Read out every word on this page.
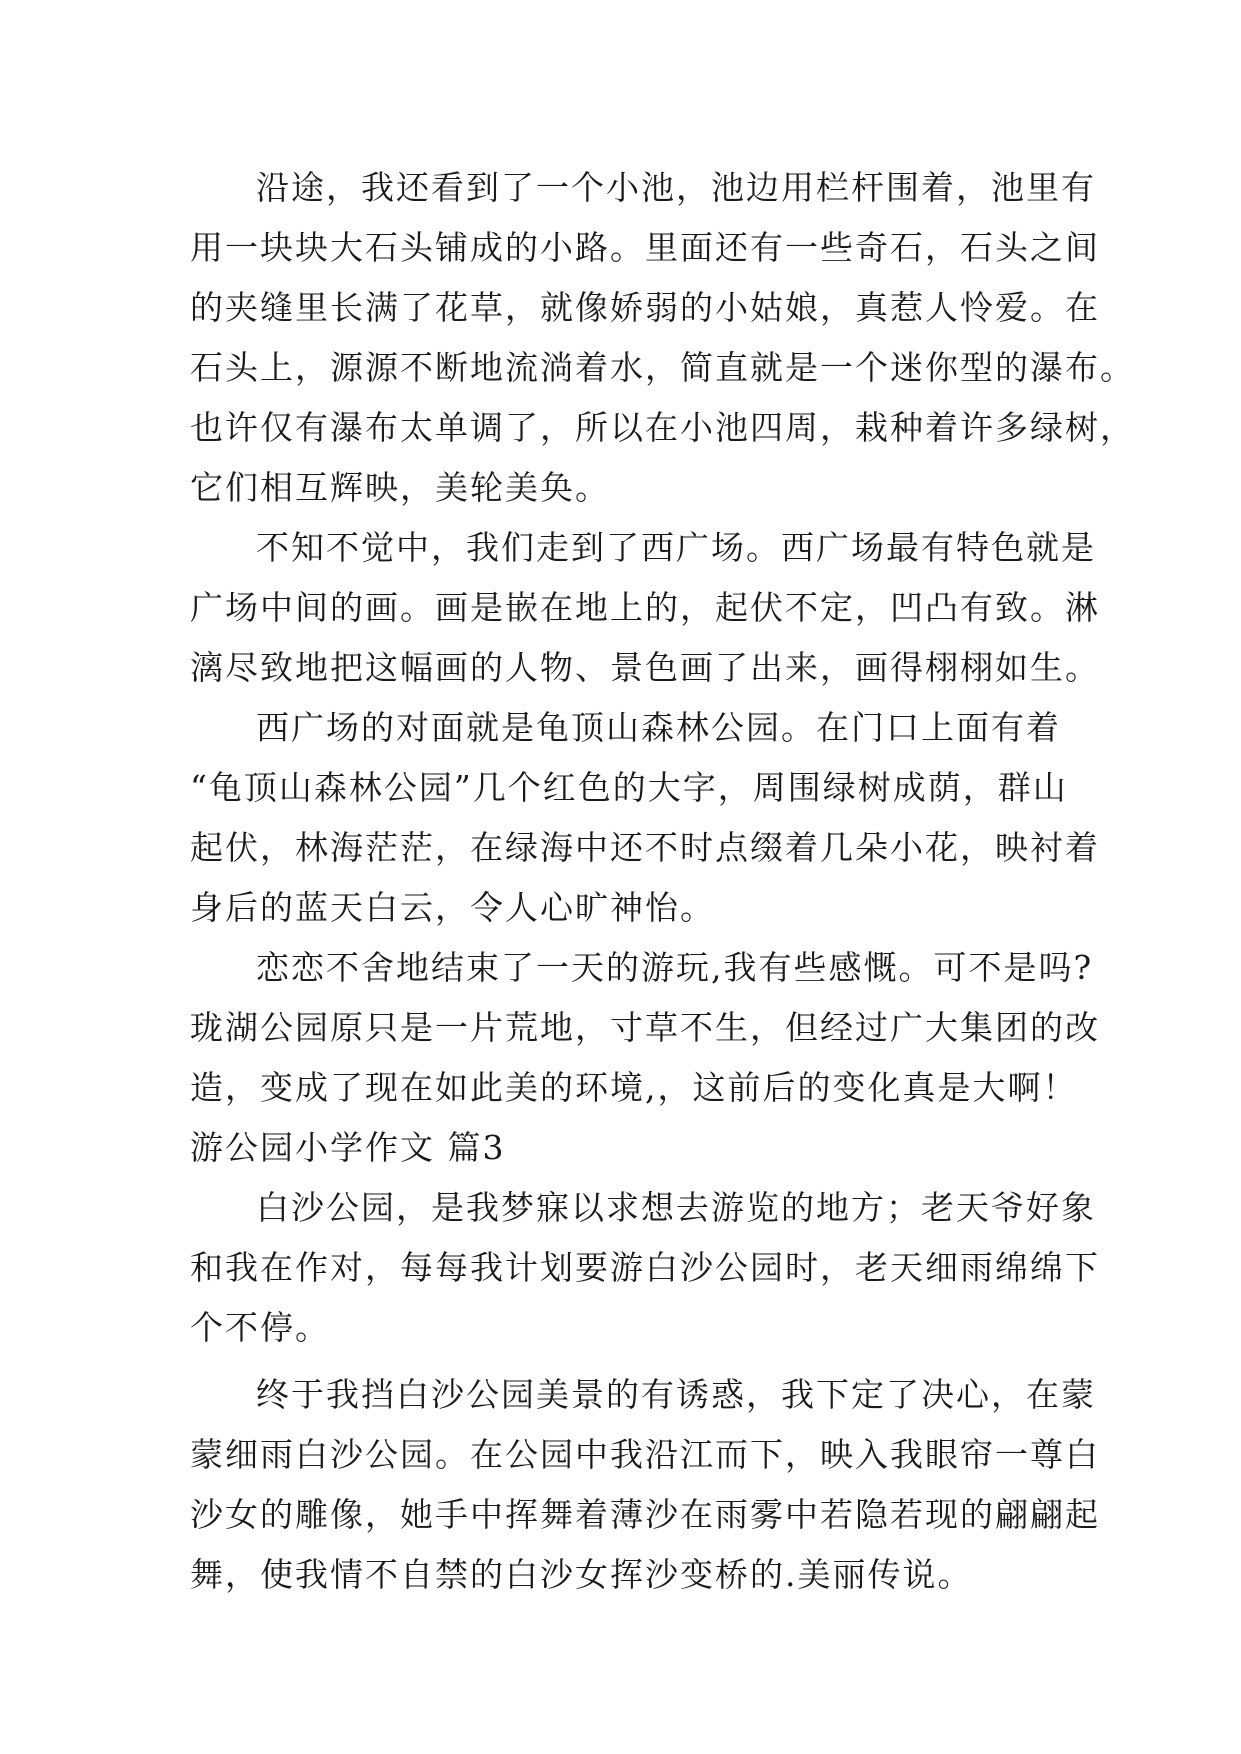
沿途，我还看到了一个小池，池边用栏杆围着，池里有
用一块块大石头铺成的小路。里面还有一些奇石，石头之间
的夹缝里长满了花草，就像娇弱的小姑娘，真惹人怜爱。在
石头上，源源不断地流淌着水，简直就是一个迷你型的瀑布。
也许仅有瀑布太单调了，所以在小池四周，栽种着许多绿树，
它们相互辉映，美轮美奂。
不知不觉中，我们走到了西广场。西广场最有特色就是
广场中间的画。画是嵌在地上的，起伏不定，凹凸有致。淋
漓尽致地把这幅画的人物、景色画了出来，画得栩栩如生。
西广场的对面就是龟顶山森林公园。在门口上面有着
“龟顶山森林公园”几个红色的大字，周围绿树成荫，群山
起伏，林海茫茫，在绿海中还不时点缀着几朵小花，映衬着
身后的蓝天白云，令人心旷神怡。
恋恋不舍地结束了一天的游玩,我有些感慨。可不是吗?
珑湖公园原只是一片荒地，寸草不生，但经过广大集团的改
造，变成了现在如此美的环境,，这前后的变化真是大啊！
游公园小学作文 篇3
白沙公园，是我梦寐以求想去游览的地方；老天爷好象
和我在作对，每每我计划要游白沙公园时，老天细雨绵绵下
个不停。
终于我挡白沙公园美景的有诱惑，我下定了决心，在蒙
蒙细雨白沙公园。在公园中我沿江而下，映入我眼帘一尊白
沙女的雕像，她手中挥舞着薄沙在雨雾中若隐若现的翩翩起
舞，使我情不自禁的白沙女挥沙变桥的.美丽传说。
